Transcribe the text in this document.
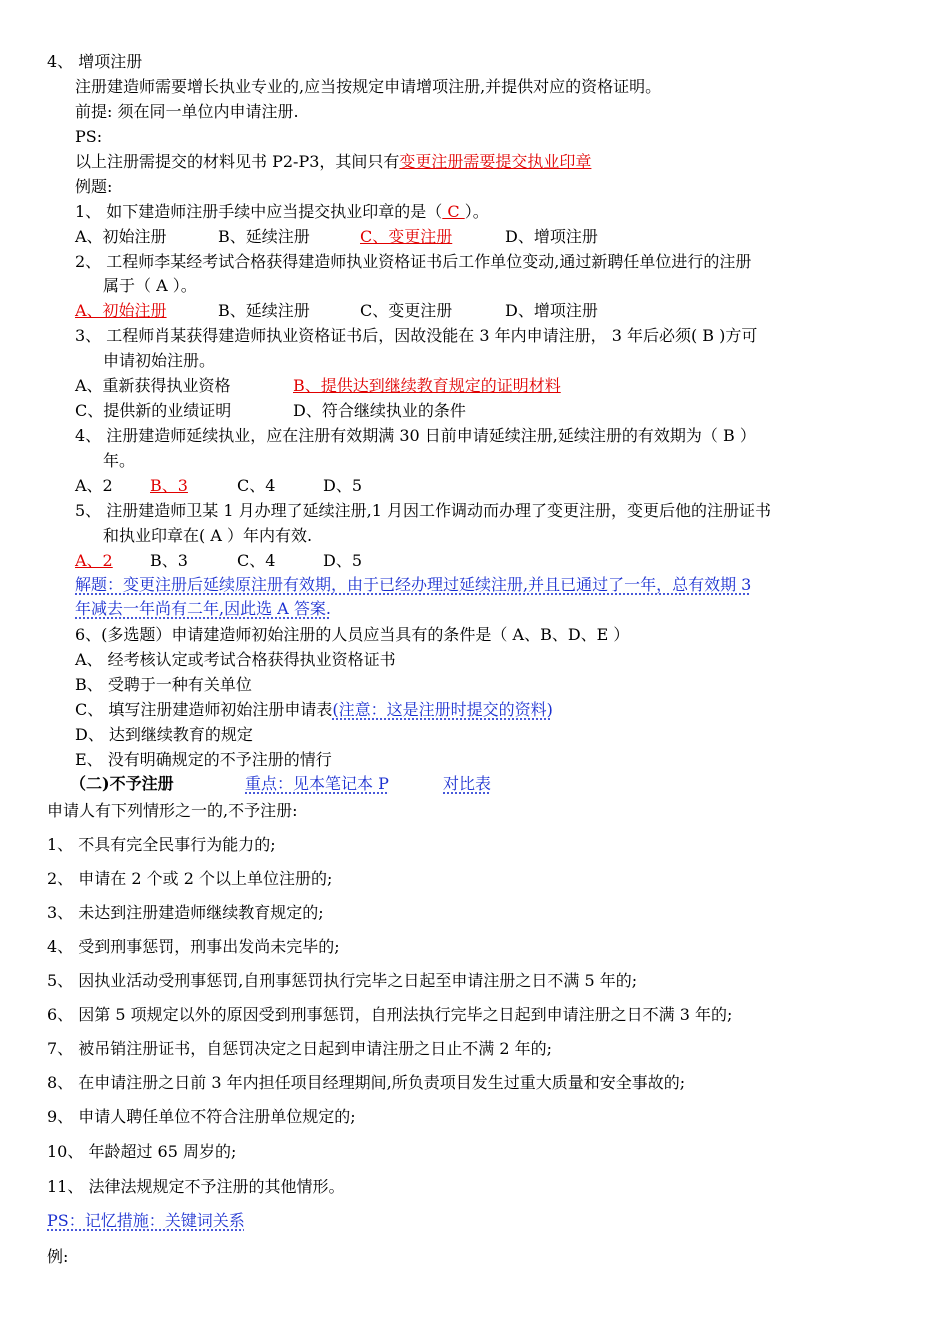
4、 增项注册
注册建造师需要增长执业专业的,应当按规定申请增项注册,并提供对应的资格证明。
前提: 须在同一单位内申请注册.
PS:
以上注册需提交的材料见书 P2-P3，其间只有变更注册需要提交执业印章
例题:
1、 如下建造师注册手续中应当提交执业印章的是（ C ）。
A、初始注册	B、延续注册	C、变更注册	D、增项注册
2、 工程师李某经考试合格获得建造师执业资格证书后工作单位变动,通过新聘任单位进行的注册
属于（ A ）。
A、初始注册	B、延续注册	C、变更注册	D、增项注册
3、 工程师肖某获得建造师执业资格证书后，因故没能在 3 年内申请注册， 3 年后必须( B )方可
申请初始注册。
A、重新获得执业资格	B、提供达到继续教育规定的证明材料
C、提供新的业绩证明	D、符合继续执业的条件
4、 注册建造师延续执业，应在注册有效期满 30 日前申请延续注册,延续注册的有效期为（ B ）
年。
A、2 B、3	C、4	D、5
5、 注册建造师卫某 1 月办理了延续注册,1 月因工作调动而办理了变更注册，变更后他的注册证书
和执业印章在( A ）年内有效.
A、2 B、3	C、4	D、5
解题：变更注册后延续原注册有效期，由于已经办理过延续注册,并且已通过了一年，总有效期 3
年减去一年尚有二年,因此选 A 答案.
6、(多选题）申请建造师初始注册的人员应当具有的条件是（ A、B、D、E ）
A、 经考核认定或考试合格获得执业资格证书
B、 受聘于一种有关单位
C、 填写注册建造师初始注册申请表(注意：这是注册时提交的资料)
D、 达到继续教育的规定
E、 没有明确规定的不予注册的情行
（二)不予注册	重点：见本笔记本 P	对比表
申请人有下列情形之一的,不予注册:
1、 不具有完全民事行为能力的;
2、 申请在 2 个或 2 个以上单位注册的;
3、 未达到注册建造师继续教育规定的;
4、 受到刑事惩罚，刑事出发尚未完毕的;
5、 因执业活动受刑事惩罚,自刑事惩罚执行完毕之日起至申请注册之日不满 5 年的;
6、 因第 5 项规定以外的原因受到刑事惩罚，自刑法执行完毕之日起到申请注册之日不满 3 年的;
7、 被吊销注册证书，自惩罚决定之日起到申请注册之日止不满 2 年的;
8、 在申请注册之日前 3 年内担任项目经理期间,所负责项目发生过重大质量和安全事故的;
9、 申请人聘任单位不符合注册单位规定的;
10、 年龄超过 65 周岁的;
11、 法律法规规定不予注册的其他情形。
PS：记忆措施：关键词关系
例:
